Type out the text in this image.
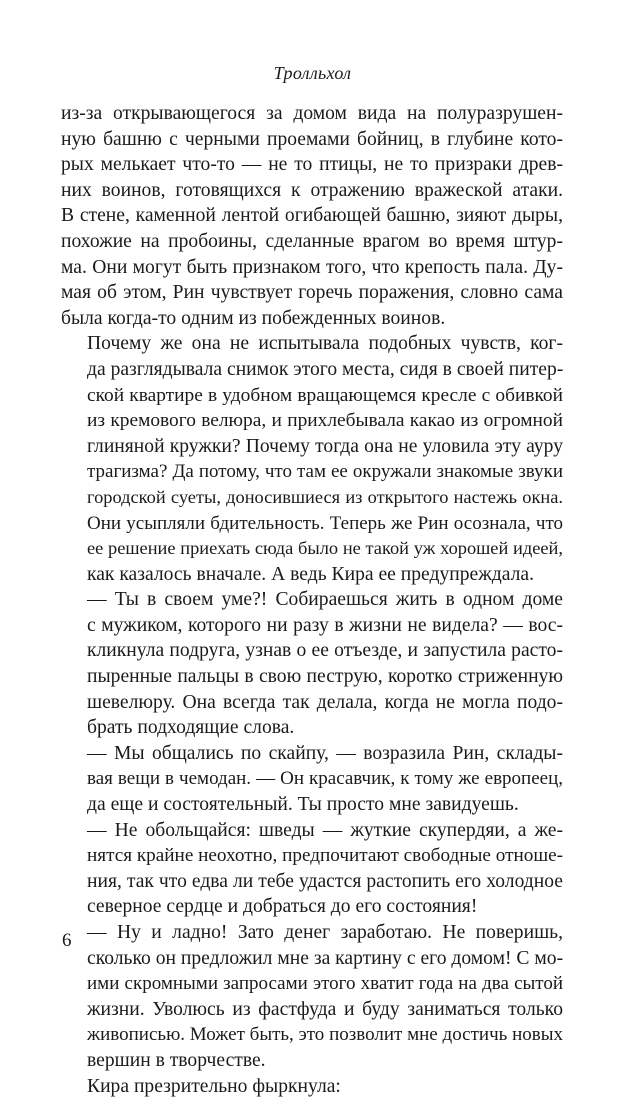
Тролльхол

из-за открывающегося за домом вида на полуразрушен-
ную башню с черными проемами бойниц, в глубине кото-
рых мелькает что-то — не то птицы, не то призраки древ-
них воинов, готовящихся к отражению вражеской атаки.
В стене, каменной лентой огибающей башню, зияют дыры,
похожие на пробоины, сделанные врагом во время штур-
ма. Они могут быть признаком того, что крепость пала. Ду-
мая об этом, Рин чувствует горечь поражения, словно сама
была когда-то одним из побежденных воинов.

Почему же она не испытывала подобных чувств, ког-
да разглядывала снимок этого места, сидя в своей питер-
ской квартире в удобном вращающемся кресле с обивкой
из кремового велюра, и прихлебывала какао из огромной
глиняной кружки? Почему тогда она не уловила эту ауру
трагизма? Да потому, что там ее окружали знакомые звуки
городской суеты, доносившиеся из открытого настежь окна.
Они усыпляли бдительность. Теперь же Рин осознала, что
ее решение приехать сюда было не такой уж хорошей идеей,
как казалось вначале. А ведь Кира ее предупреждала.

— Ты в своем уме?! Собираешься жить в одном доме
с мужиком, которого ни разу в жизни не видела? — вос-
кликнула подруга, узнав о ее отъезде, и запустила расто-
пыренные пальцы в свою пеструю, коротко стриженную
шевелюру. Она всегда так делала, когда не могла подо-
брать подходящие слова.

— Мы общались по скайпу, — возразила Рин, склады-
вая вещи в чемодан. — Он красавчик, к тому же европеец,
да еще и состоятельный. Ты просто мне завидуешь.

— Не обольщайся: шведы — жуткие скупердяи, а же-
нятся крайне неохотно, предпочитают свободные отноше-
ния, так что едва ли тебе удастся растопить его холодное
северное сердце и добраться до его состояния!

— Ну и ладно! Зато денег заработаю. Не поверишь,
сколько он предложил мне за картину с его домом! С мо-
ими скромными запросами этого хватит года на два сытой
жизни. Уволюсь из фастфуда и буду заниматься только
живописью. Может быть, это позволит мне достичь новых
вершин в творчестве.

Кира презрительно фыркнула:

6
